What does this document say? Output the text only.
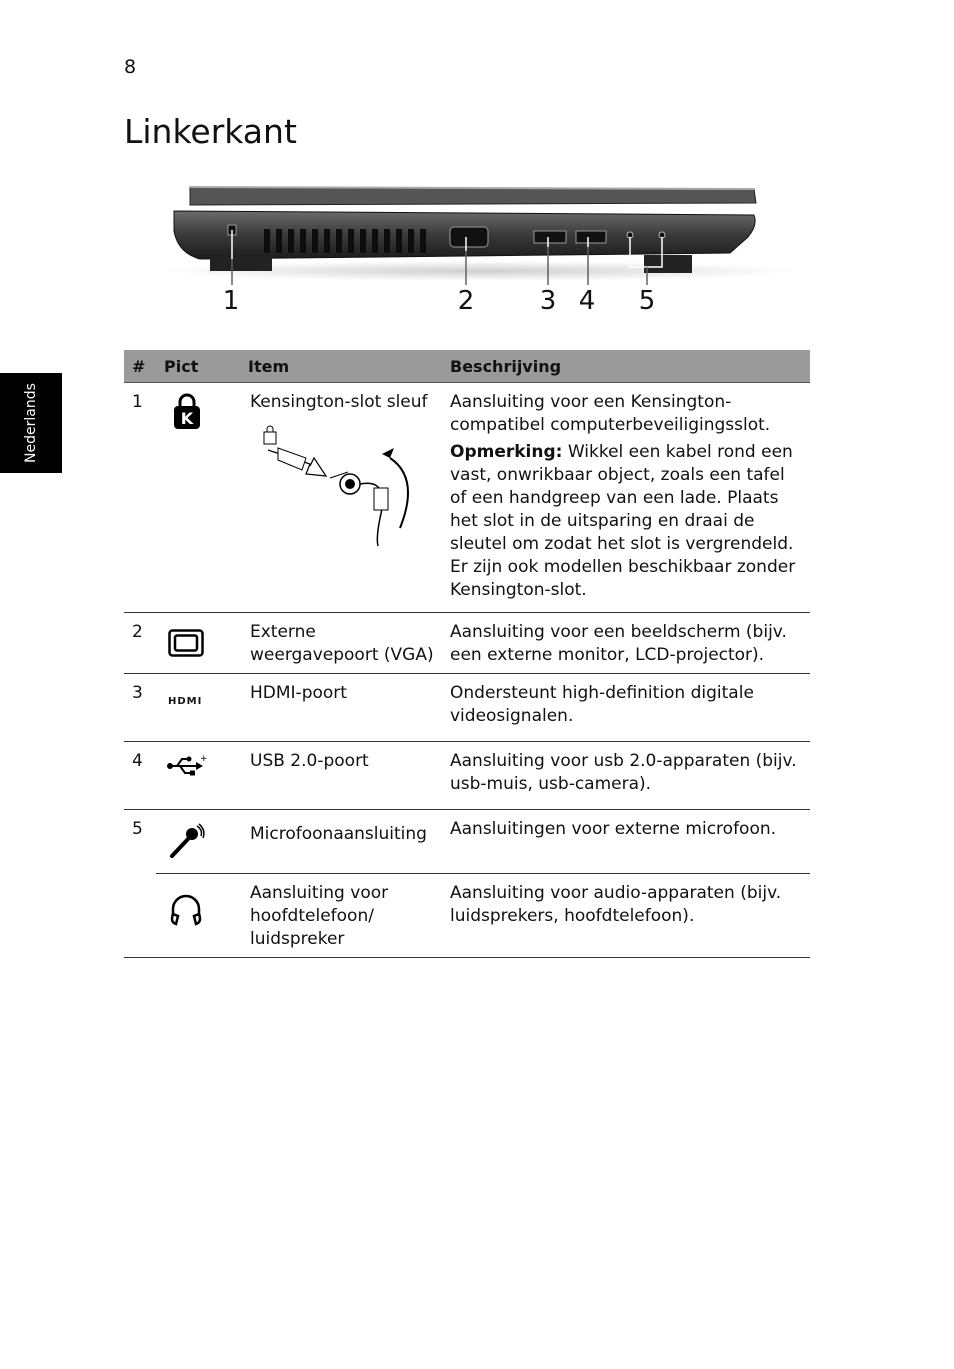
8
Linkerkant
Nederlands
1	2	3 4 5
#	Pict	Item	Beschrijving
1	K	Kensington-slot sleuf	Aansluiting voor een Kensington-compatibel computerbeveiligingsslot.

Opmerking: Wikkel een kabel rond een vast, onwrikbaar object, zoals een tafel of een handgreep van een lade. Plaats het slot in de uitsparing en draai de sleutel om zodat het slot is vergrendeld. Er zijn ook modellen beschikbaar zonder Kensington-slot.

2		Externe weergavepoort (VGA)	Aansluiting voor een beeldscherm (bijv. een externe monitor, LCD-projector).
3	HDMI	HDMI-poort	Ondersteunt high-definition digitale videosignalen.
4	+	USB 2.0-poort	Aansluiting voor usb 2.0-apparaten (bijv. usb-muis, usb-camera).
5		Microfoonaansluiting	Aansluitingen voor externe microfoon.
		Aansluiting voor hoofdtelefoon/ luidspreker	Aansluiting voor audio-apparaten (bijv. luidsprekers, hoofdtelefoon).
